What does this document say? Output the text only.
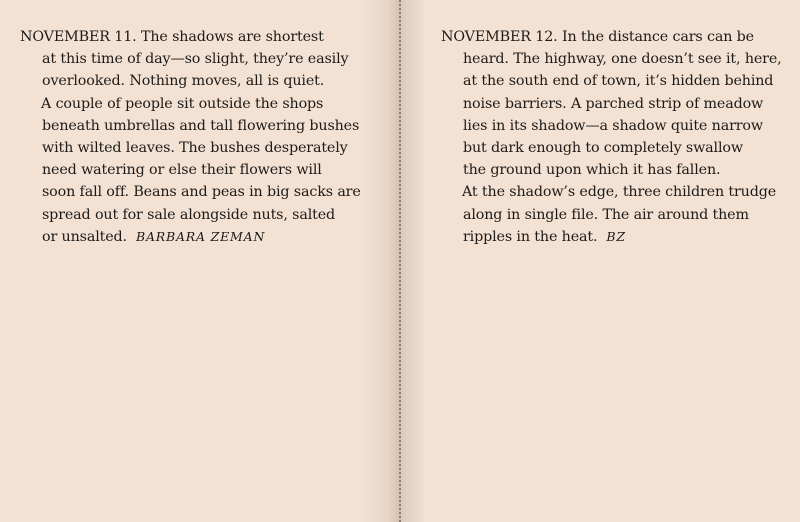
NOVEMBER 11. The shadows are shortest
at this time of day—so slight, they’re easily
overlooked. Nothing moves, all is quiet.
A couple of people sit outside the shops
beneath umbrellas and tall flowering bushes
with wilted leaves. The bushes desperately
need watering or else their flowers will
soon fall off. Beans and peas in big sacks are
spread out for sale alongside nuts, salted
or unsalted. BARBARA ZEMAN

NOVEMBER 12. In the distance cars can be
heard. The highway, one doesn’t see it, here,
at the south end of town, it’s hidden behind
noise barriers. A parched strip of meadow
lies in its shadow—a shadow quite narrow
but dark enough to completely swallow
the ground upon which it has fallen.
At the shadow’s edge, three children trudge
along in single file. The air around them
ripples in the heat. BZ
